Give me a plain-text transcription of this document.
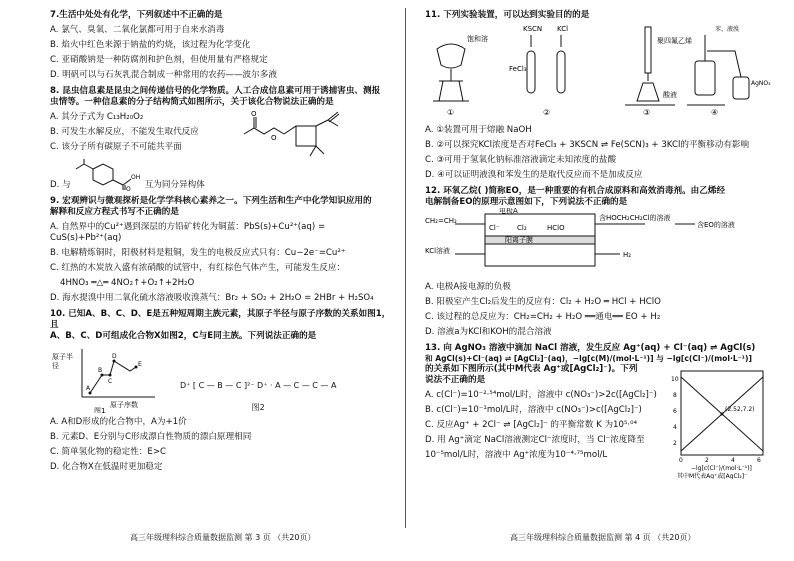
7.生活中处处有化学，下列叙述中不正确的是

A. 氯气、臭氧、二氧化氯都可用于自来水消毒

B. 焰火中红色来源于钠盐的灼烧，该过程为化学变化

C. 亚硝酸钠是一种防腐剂和护色剂，但使用量有严格规定

D. 明矾可以与石灰乳混合制成一种常用的农药——波尔多液

8. 昆虫信息素是昆虫之间传递信号的化学物质。人工合成信息素可用于诱捕害虫、测报

虫情等。一种信息素的分子结构简式如图所示，关于该化合物说法正确的是

A. 其分子式为 C₁₃H₂₀O₂

B. 可发生水解反应，不能发生取代反应

C. 该分子所有碳原子不可能共平面

O
O
D. 与
OH
O 互为同分异构体

9. 宏观辨识与微观探析是化学学科核心素养之一。下列生活和生产中化学知识应用的

解释和反应方程式书写不正确的是

A. 自然界中的Cu²⁺遇到深层的方铅矿转化为铜蓝：PbS(s)+Cu²⁺(aq) = CuS(s)+Pb²⁺(aq)

B. 电解精炼铜时，阳极材料是粗铜，发生的电极反应式只有：Cu−2e⁻=Cu²⁺

C. 红热的木炭放入盛有浓硝酸的试管中，有红棕色气体产生，可能发生反应：

4HNO₃ ═△═ 4NO₂↑+O₂↑+2H₂O

D. 海水提溴中用二氧化硫水溶液吸收溴蒸气：Br₂ + SO₂ + 2H₂O = 2HBr + H₂SO₄

10. 已知A、B、C、D、E是五种短周期主族元素，其原子半径与原子序数的关系如图1，且

A、B、C、D可组成化合物X如图2，C与E同主族。下列说法正确的是

原子半
径
原子序数
A
B
C
D
E
图1
D⁺ [ C — B — C ]²⁻ D⁺ · A — C — C — A
图2

A. A和D形成的化合物中，A为+1价

B. 元素D、E分别与C形成漂白性物质的漂白原理相同

C. 简单氢化物的稳定性：E>C

D. 化合物X在低温时更加稳定

11. 下列实验装置，可以达到实验目的的是

饱和溶
KSCN KCl
FeCl₃
聚四氟乙烯
酸液
苯、液溴
AgNO₃
①	②	③	④

A. ①装置可用于熔融 NaOH

B. ②可以探究KCl浓度是否对FeCl₃ + 3KSCN ⇌ Fe(SCN)₃ + 3KCl的平衡移动有影响

C. ③可用于氢氧化钠标准溶液滴定未知浓度的盐酸

D. ④可以证明液溴和苯发生的是取代反应而不是加成反应

12. 环氧乙烷( )简称EO，是一种重要的有机合成原料和高效消毒剂。由乙烯经

电解制备EO的原理示意图如下，下列说法不正确的是

CH₂=CH₂
KCl溶液
电极A
Cl⁻ Cl₂	HClO
阳离子膜
含HOCH₂CH₂Cl的溶液
含EO的溶液
H₂

A. 电极A接电源的负极

B. 阳极室产生Cl₂后发生的反应有：Cl₂ + H₂O ═ HCl + HClO

C. 该过程的总反应为：CH₂=CH₂ + H₂O ══通电══ EO + H₂

D. 溶液a为KCl和KOH的混合溶液

13. 向 AgNO₃ 溶液中滴加 NaCl 溶液，发生反应 Ag⁺(aq) + Cl⁻(aq) ⇌ AgCl(s)

和 AgCl(s)+Cl⁻(aq) ⇌ [AgCl₂]⁻(aq)，−lg[c(M)/(mol·L⁻¹)] 与 −lg[c(Cl⁻)/(mol·L⁻¹)]

的关系如下图所示(其中M代表 Ag⁺或[AgCl₂]⁻)。下列

说法不正确的是

A. c(Cl⁻)=10⁻²·⁵⁴mol/L时，溶液中 c(NO₃⁻)>2c([AgCl₂]⁻)

B. c(Cl⁻)=10⁻¹mol/L时，溶液中 c(NO₃⁻)>c([AgCl₂]⁻)

C. 反应Ag⁺ + 2Cl⁻ ⇌ [AgCl₂]⁻ 的平衡常数 K 为10⁵·⁰⁴

D. 用 Ag⁺滴定 NaCl溶液测定Cl⁻浓度时，当 Cl⁻浓度降至

10⁻⁵mol/L时，溶液中 Ag⁺浓度为10⁻⁴·⁷⁵mol/L

(2.52,7.2)
10
8
6
4
2
0	2	4	6
−lg[c(Cl⁻)/(mol·L⁻¹)]
其中M代表Ag⁺或[AgCl₂]⁻
高三年级理科综合质量数据监测 第 3 页 （共20页）	高三年级理科综合质量数据监测 第 4 页 （共20页）
